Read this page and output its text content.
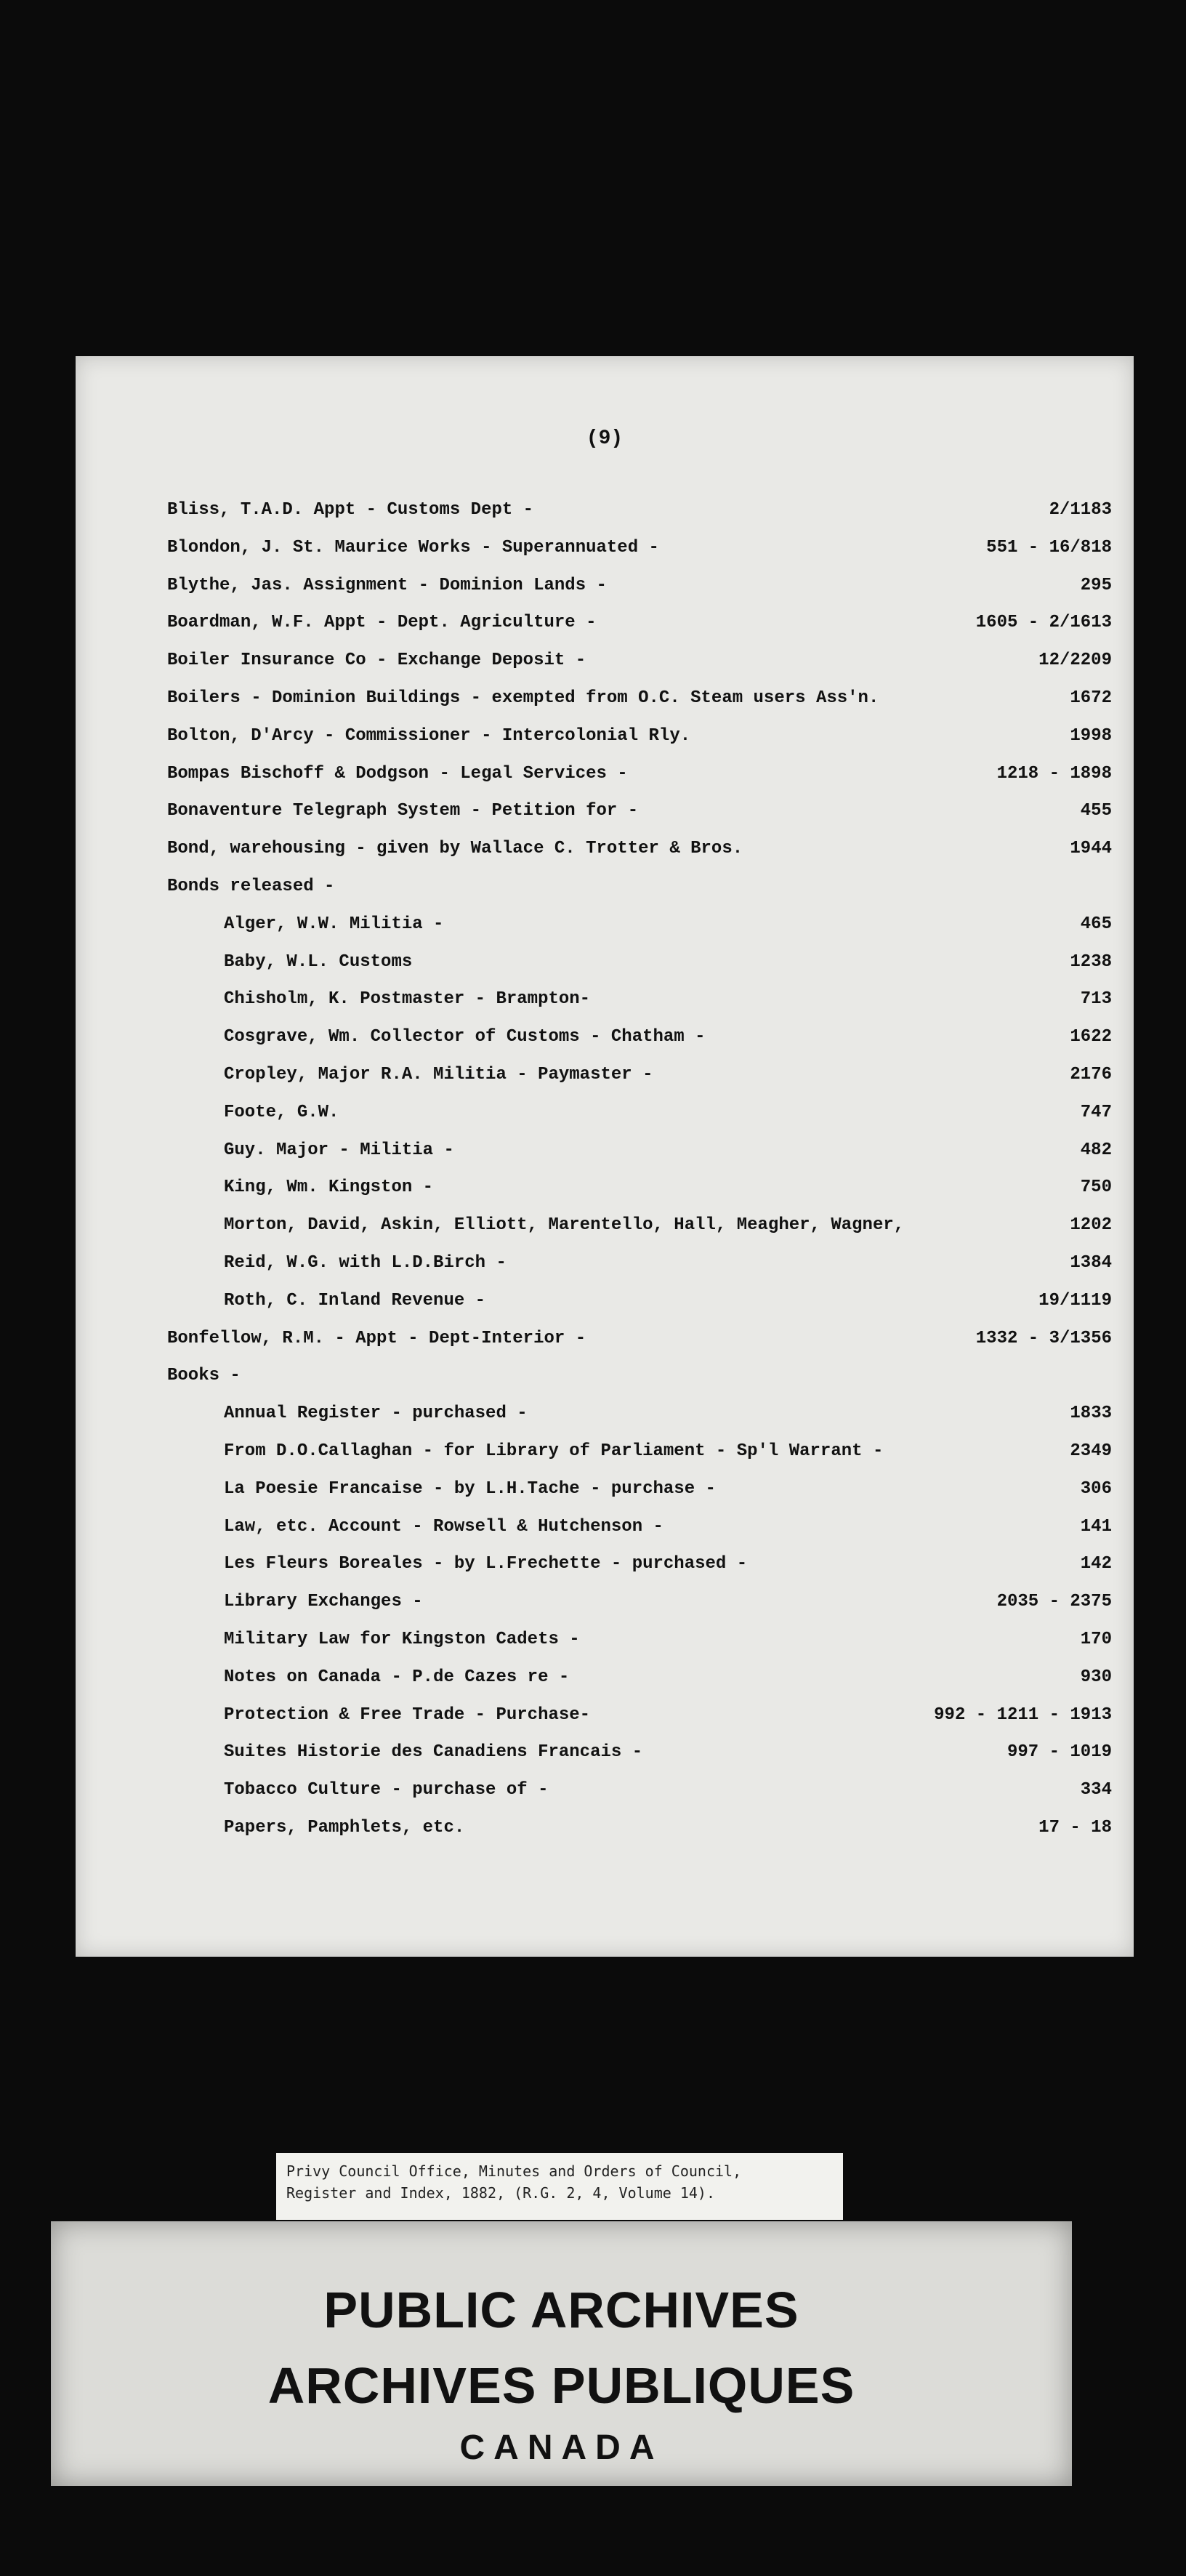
(9)
Bliss, T.A.D. Appt - Customs Dept -	2/1183
Blondon, J. St. Maurice Works - Superannuated -	551 - 16/818
Blythe, Jas. Assignment - Dominion Lands -	295
Boardman, W.F. Appt - Dept. Agriculture -	1605 - 2/1613
Boiler Insurance Co - Exchange Deposit -	12/2209
Boilers - Dominion Buildings - exempted from O.C. Steam users Ass'n.	1672
Bolton, D'Arcy - Commissioner - Intercolonial Rly.	1998
Bompas Bischoff & Dodgson - Legal Services -	1218 - 1898
Bonaventure Telegraph System - Petition for -	455
Bond, warehousing - given by Wallace C. Trotter & Bros.	1944
Bonds released -
Alger, W.W. Militia -	465
Baby, W.L. Customs	1238
Chisholm, K. Postmaster - Brampton-	713
Cosgrave, Wm. Collector of Customs - Chatham -	1622
Cropley, Major R.A. Militia - Paymaster -	2176
Foote, G.W.	747
Guy. Major - Militia -	482
King, Wm. Kingston -	750
Morton, David, Askin, Elliott, Marentello, Hall, Meagher, Wagner,	1202
Reid, W.G. with L.D.Birch -	1384
Roth, C. Inland Revenue -	19/1119
Bonfellow, R.M. - Appt - Dept-Interior -	1332 - 3/1356
Books -
Annual Register - purchased -	1833
From D.O.Callaghan - for Library of Parliament - Sp'l Warrant -	2349
La Poesie Francaise - by L.H.Tache - purchase -	306
Law, etc. Account - Rowsell & Hutchenson -	141
Les Fleurs Boreales - by L.Frechette - purchased -	142
Library Exchanges -	2035 - 2375
Military Law for Kingston Cadets -	170
Notes on Canada - P.de Cazes re -	930
Protection & Free Trade - Purchase-	992 - 1211 - 1913
Suites Historie des Canadiens Francais -	997 - 1019
Tobacco Culture - purchase of -	334
Papers, Pamphlets, etc.	17 - 18
Privy Council Office, Minutes and Orders of Council,
Register and Index, 1882, (R.G. 2, 4, Volume 14).
PUBLIC ARCHIVES
ARCHIVES PUBLIQUES
CANADA
